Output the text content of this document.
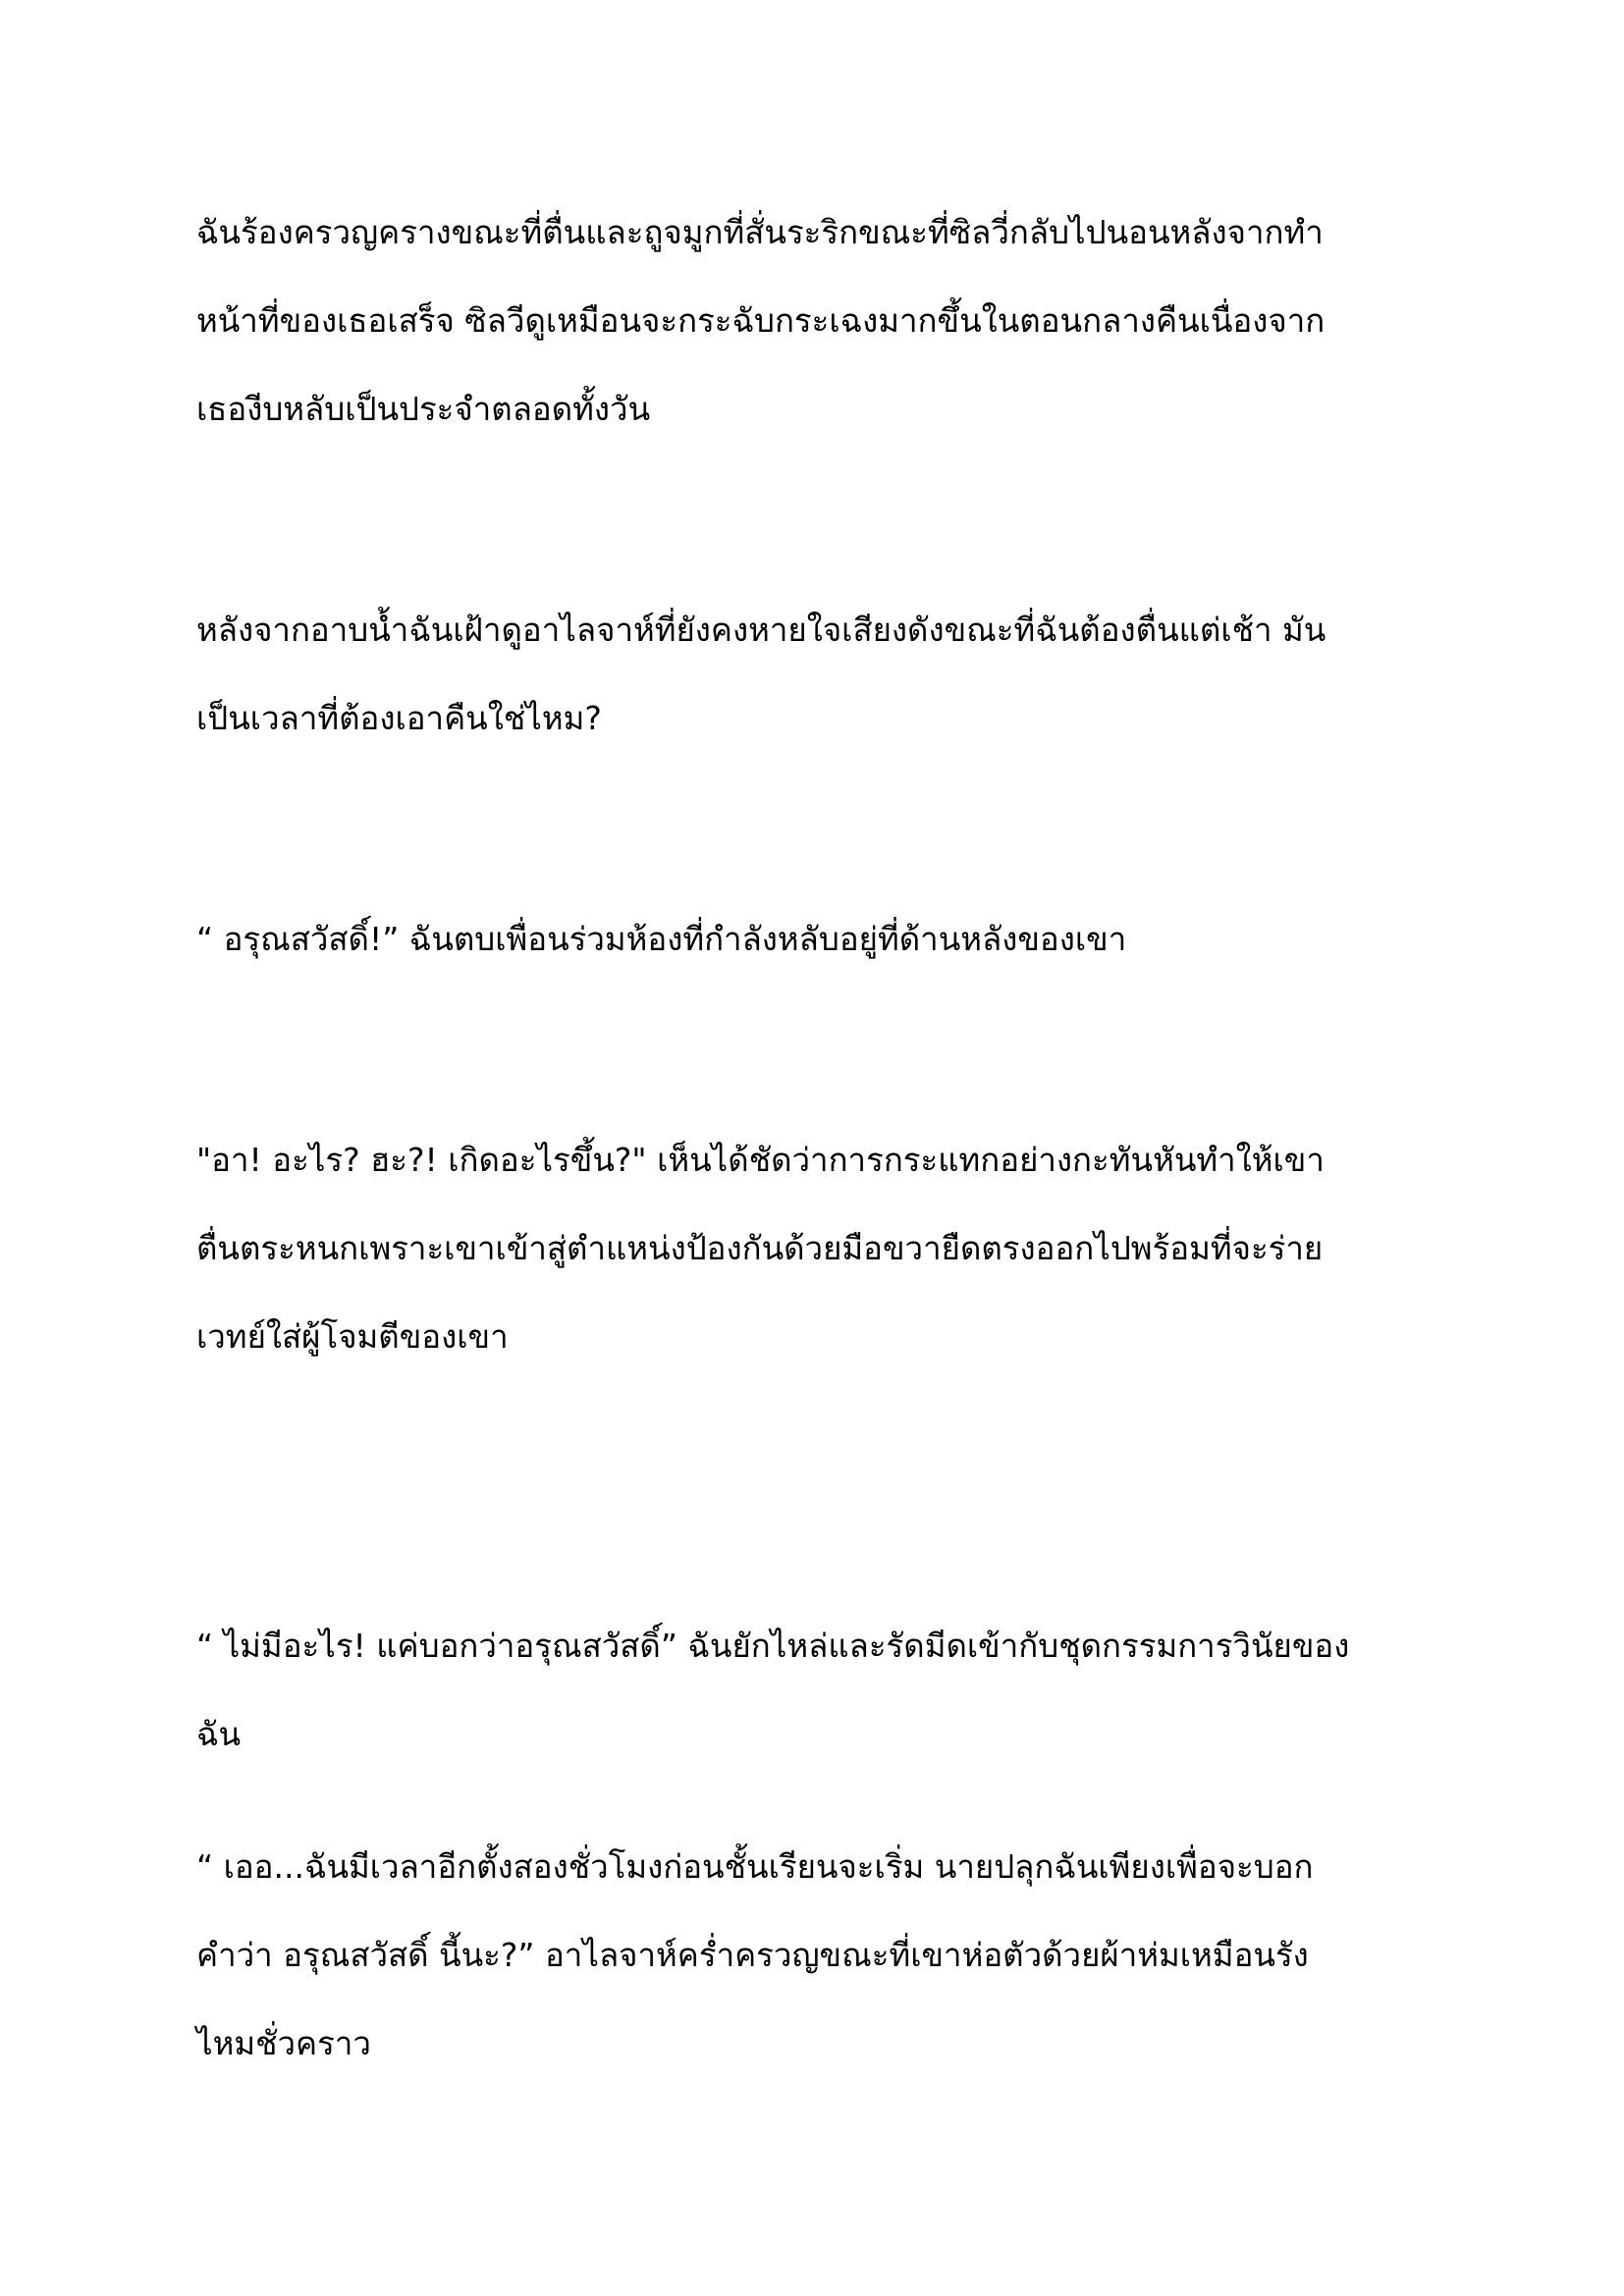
ฉันร้องครวญครางขณะที่ตื่นและถูจมูกที่สั่นระริกขณะที่ซิลวี่กลับไปนอนหลังจากทำ
หน้าที่ของเธอเสร็จ ซิลวีดูเหมือนจะกระฉับกระเฉงมากขึ้นในตอนกลางคืนเนื่องจาก
เธองีบหลับเป็นประจำตลอดทั้งวัน

หลังจากอาบน้ำฉันเฝ้าดูอาไลจาห์ที่ยังคงหายใจเสียงดังขณะที่ฉันต้องตื่นแต่เช้า มัน
เป็นเวลาที่ต้องเอาคืนใช่ไหม?

“ อรุณสวัสดิ์!” ฉันตบเพื่อนร่วมห้องที่กำลังหลับอยู่ที่ด้านหลังของเขา

"อา! อะไร? ฮะ?! เกิดอะไรขึ้น?" เห็นได้ชัดว่าการกระแทกอย่างกะทันหันทำให้เขา
ตื่นตระหนกเพราะเขาเข้าสู่ตำแหน่งป้องกันด้วยมือขวายืดตรงออกไปพร้อมที่จะร่าย
เวทย์ใส่ผู้โจมตีของเขา

“ ไม่มีอะไร! แค่บอกว่าอรุณสวัสดิ์” ฉันยักไหล่และรัดมีดเข้ากับชุดกรรมการวินัยของ
ฉัน

“ เออ...ฉันมีเวลาอีกตั้งสองชั่วโมงก่อนชั้นเรียนจะเริ่ม นายปลุกฉันเพียงเพื่อจะบอก
คำว่า อรุณสวัสดิ์ นี้นะ?” อาไลจาห์คร่ำครวญขณะที่เขาห่อตัวด้วยผ้าห่มเหมือนรัง
ไหมชั่วคราว
